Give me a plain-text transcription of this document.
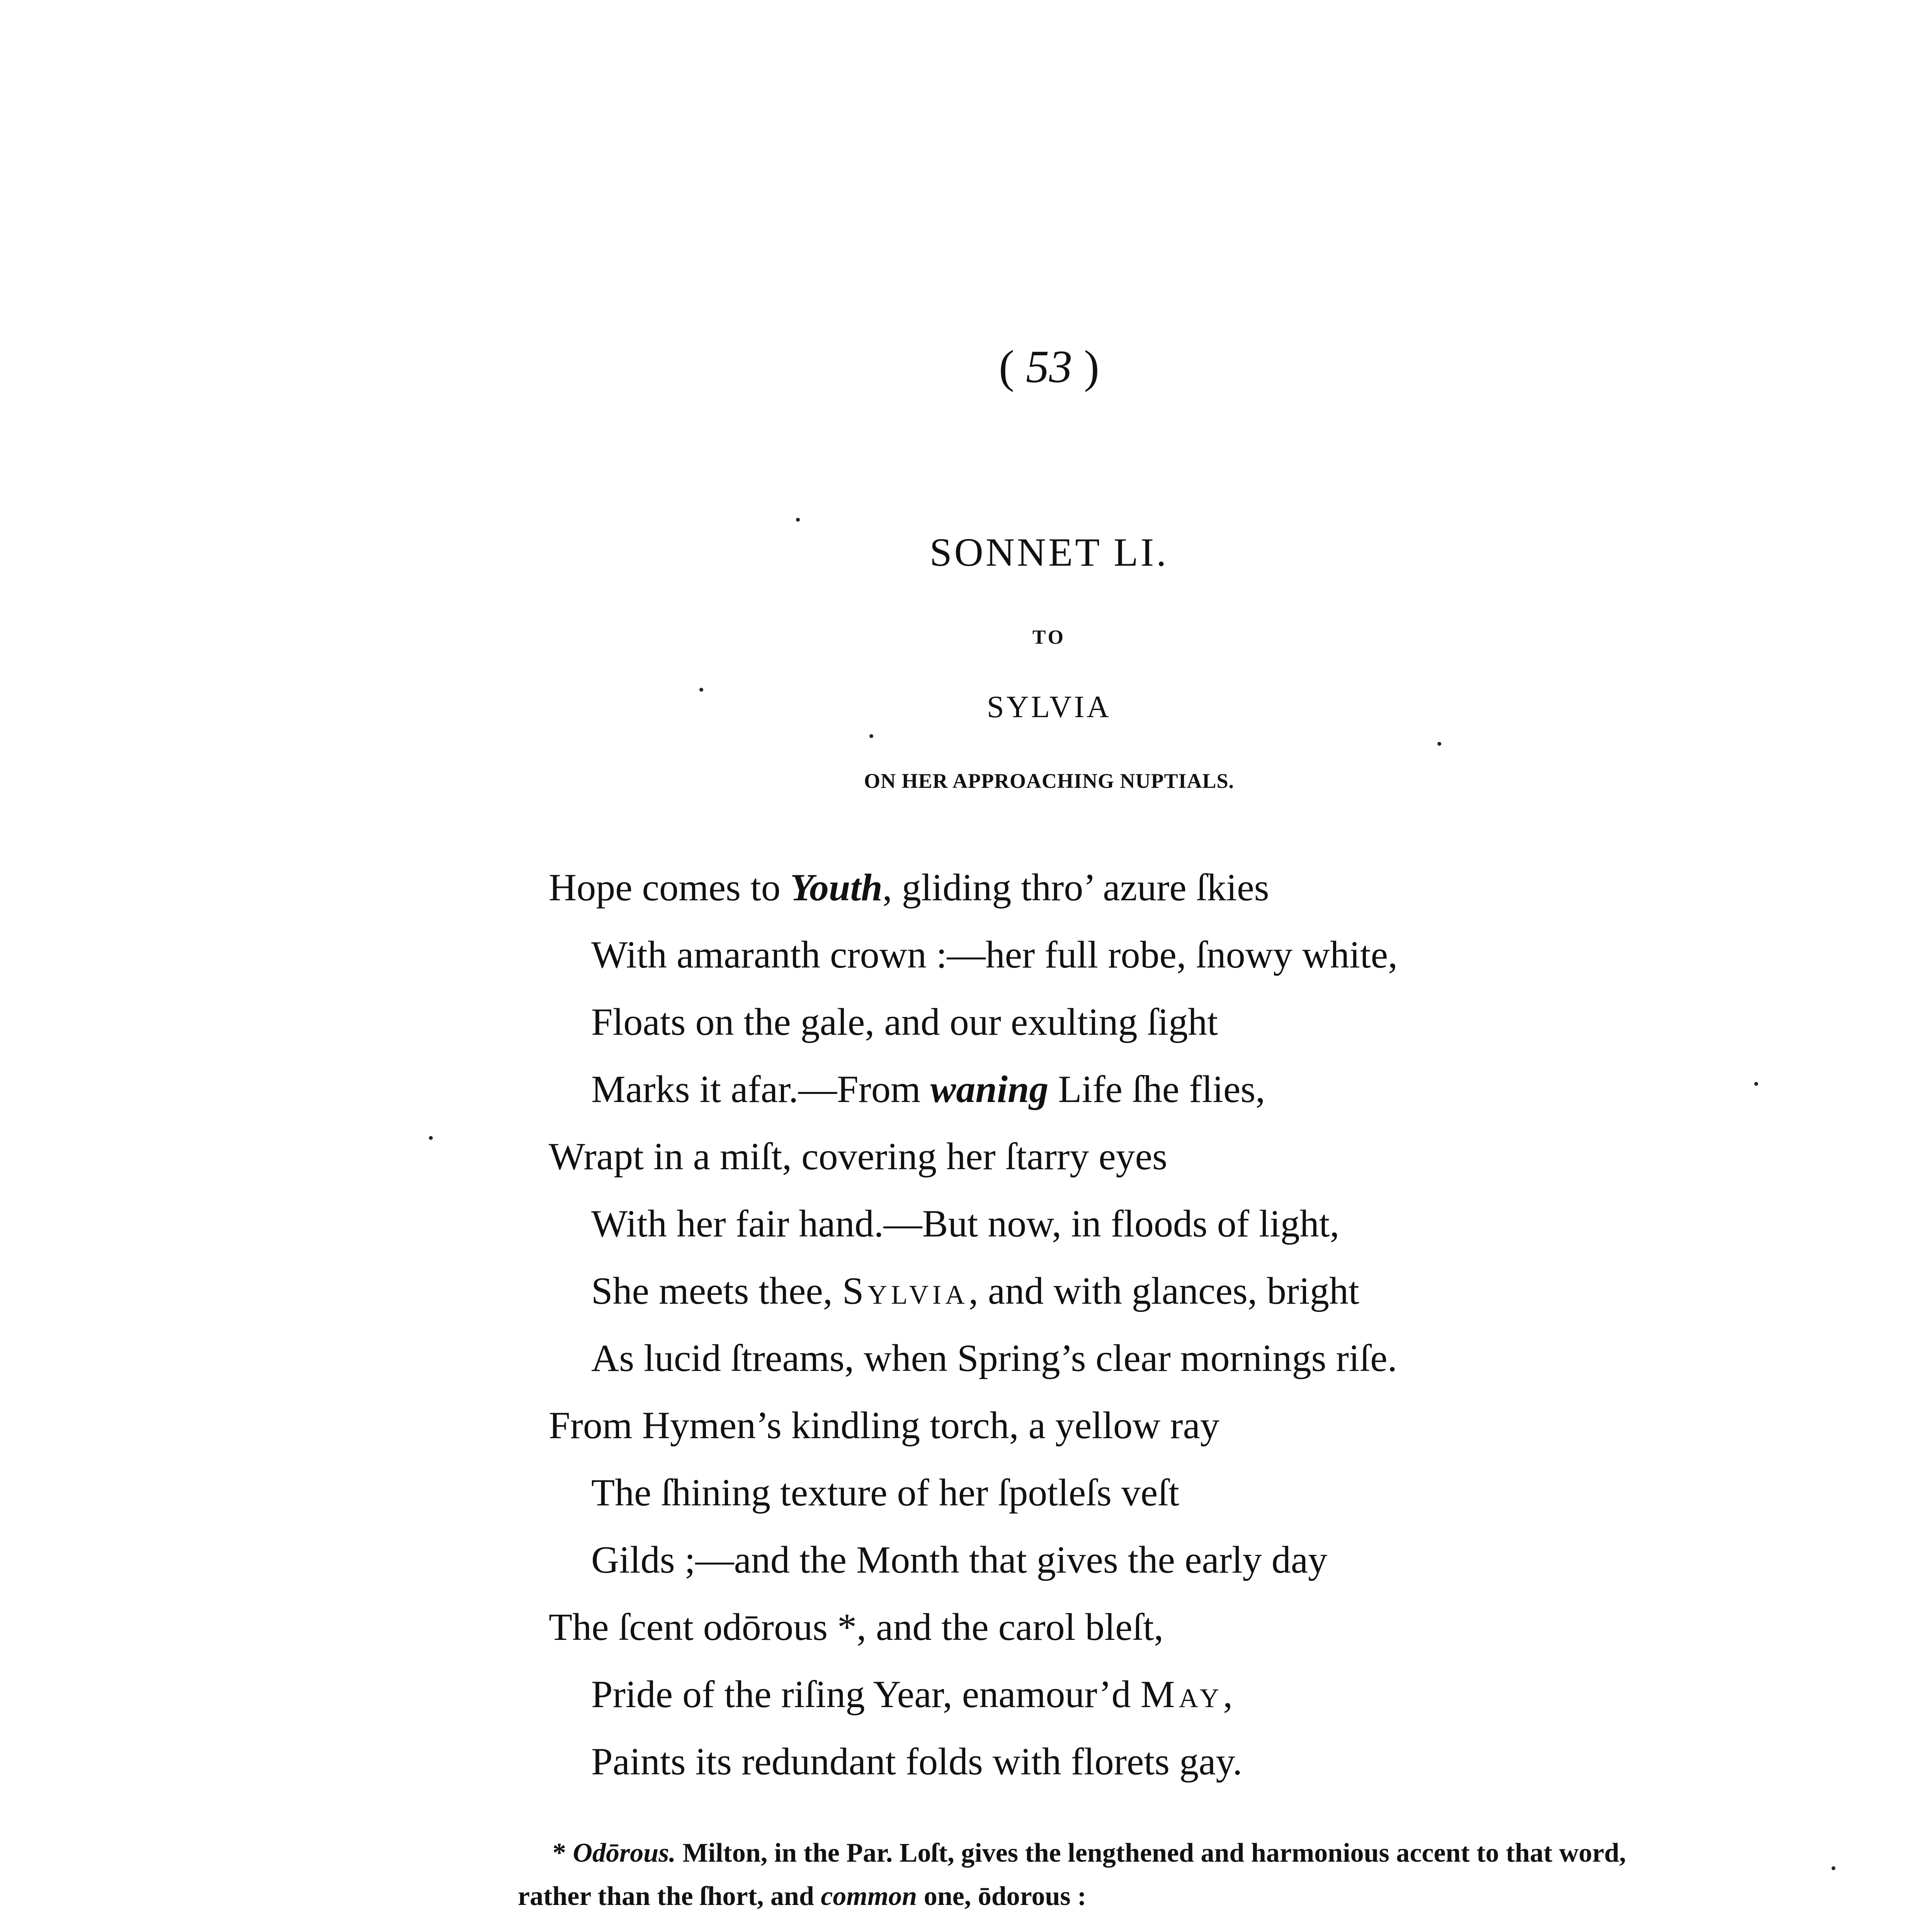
( 53 )
SONNET LI.
TO
SYLVIA
ON HER APPROACHING NUPTIALS.
Hope comes to Youth, gliding thro’ azure ſkies
With amaranth crown :—her full robe, ſnowy white,
Floats on the gale, and our exulting ſight
Marks it afar.—From waning Life ſhe flies,
Wrapt in a miſt, covering her ſtarry eyes
With her fair hand.—But now, in floods of light,
She meets thee, Sylvia, and with glances, bright
As lucid ſtreams, when Spring’s clear mornings riſe.
From Hymen’s kindling torch, a yellow ray
The ſhining texture of her ſpotleſs veſt
Gilds ;—and the Month that gives the early day
The ſcent odōrous *, and the carol bleſt,
Pride of the riſing Year, enamour’d May,
Paints its redundant folds with florets gay.
* Odōrous. Milton, in the Par. Loſt, gives the lengthened and harmonious accent to that word, rather than the ſhort, and common one, ōdorous :
